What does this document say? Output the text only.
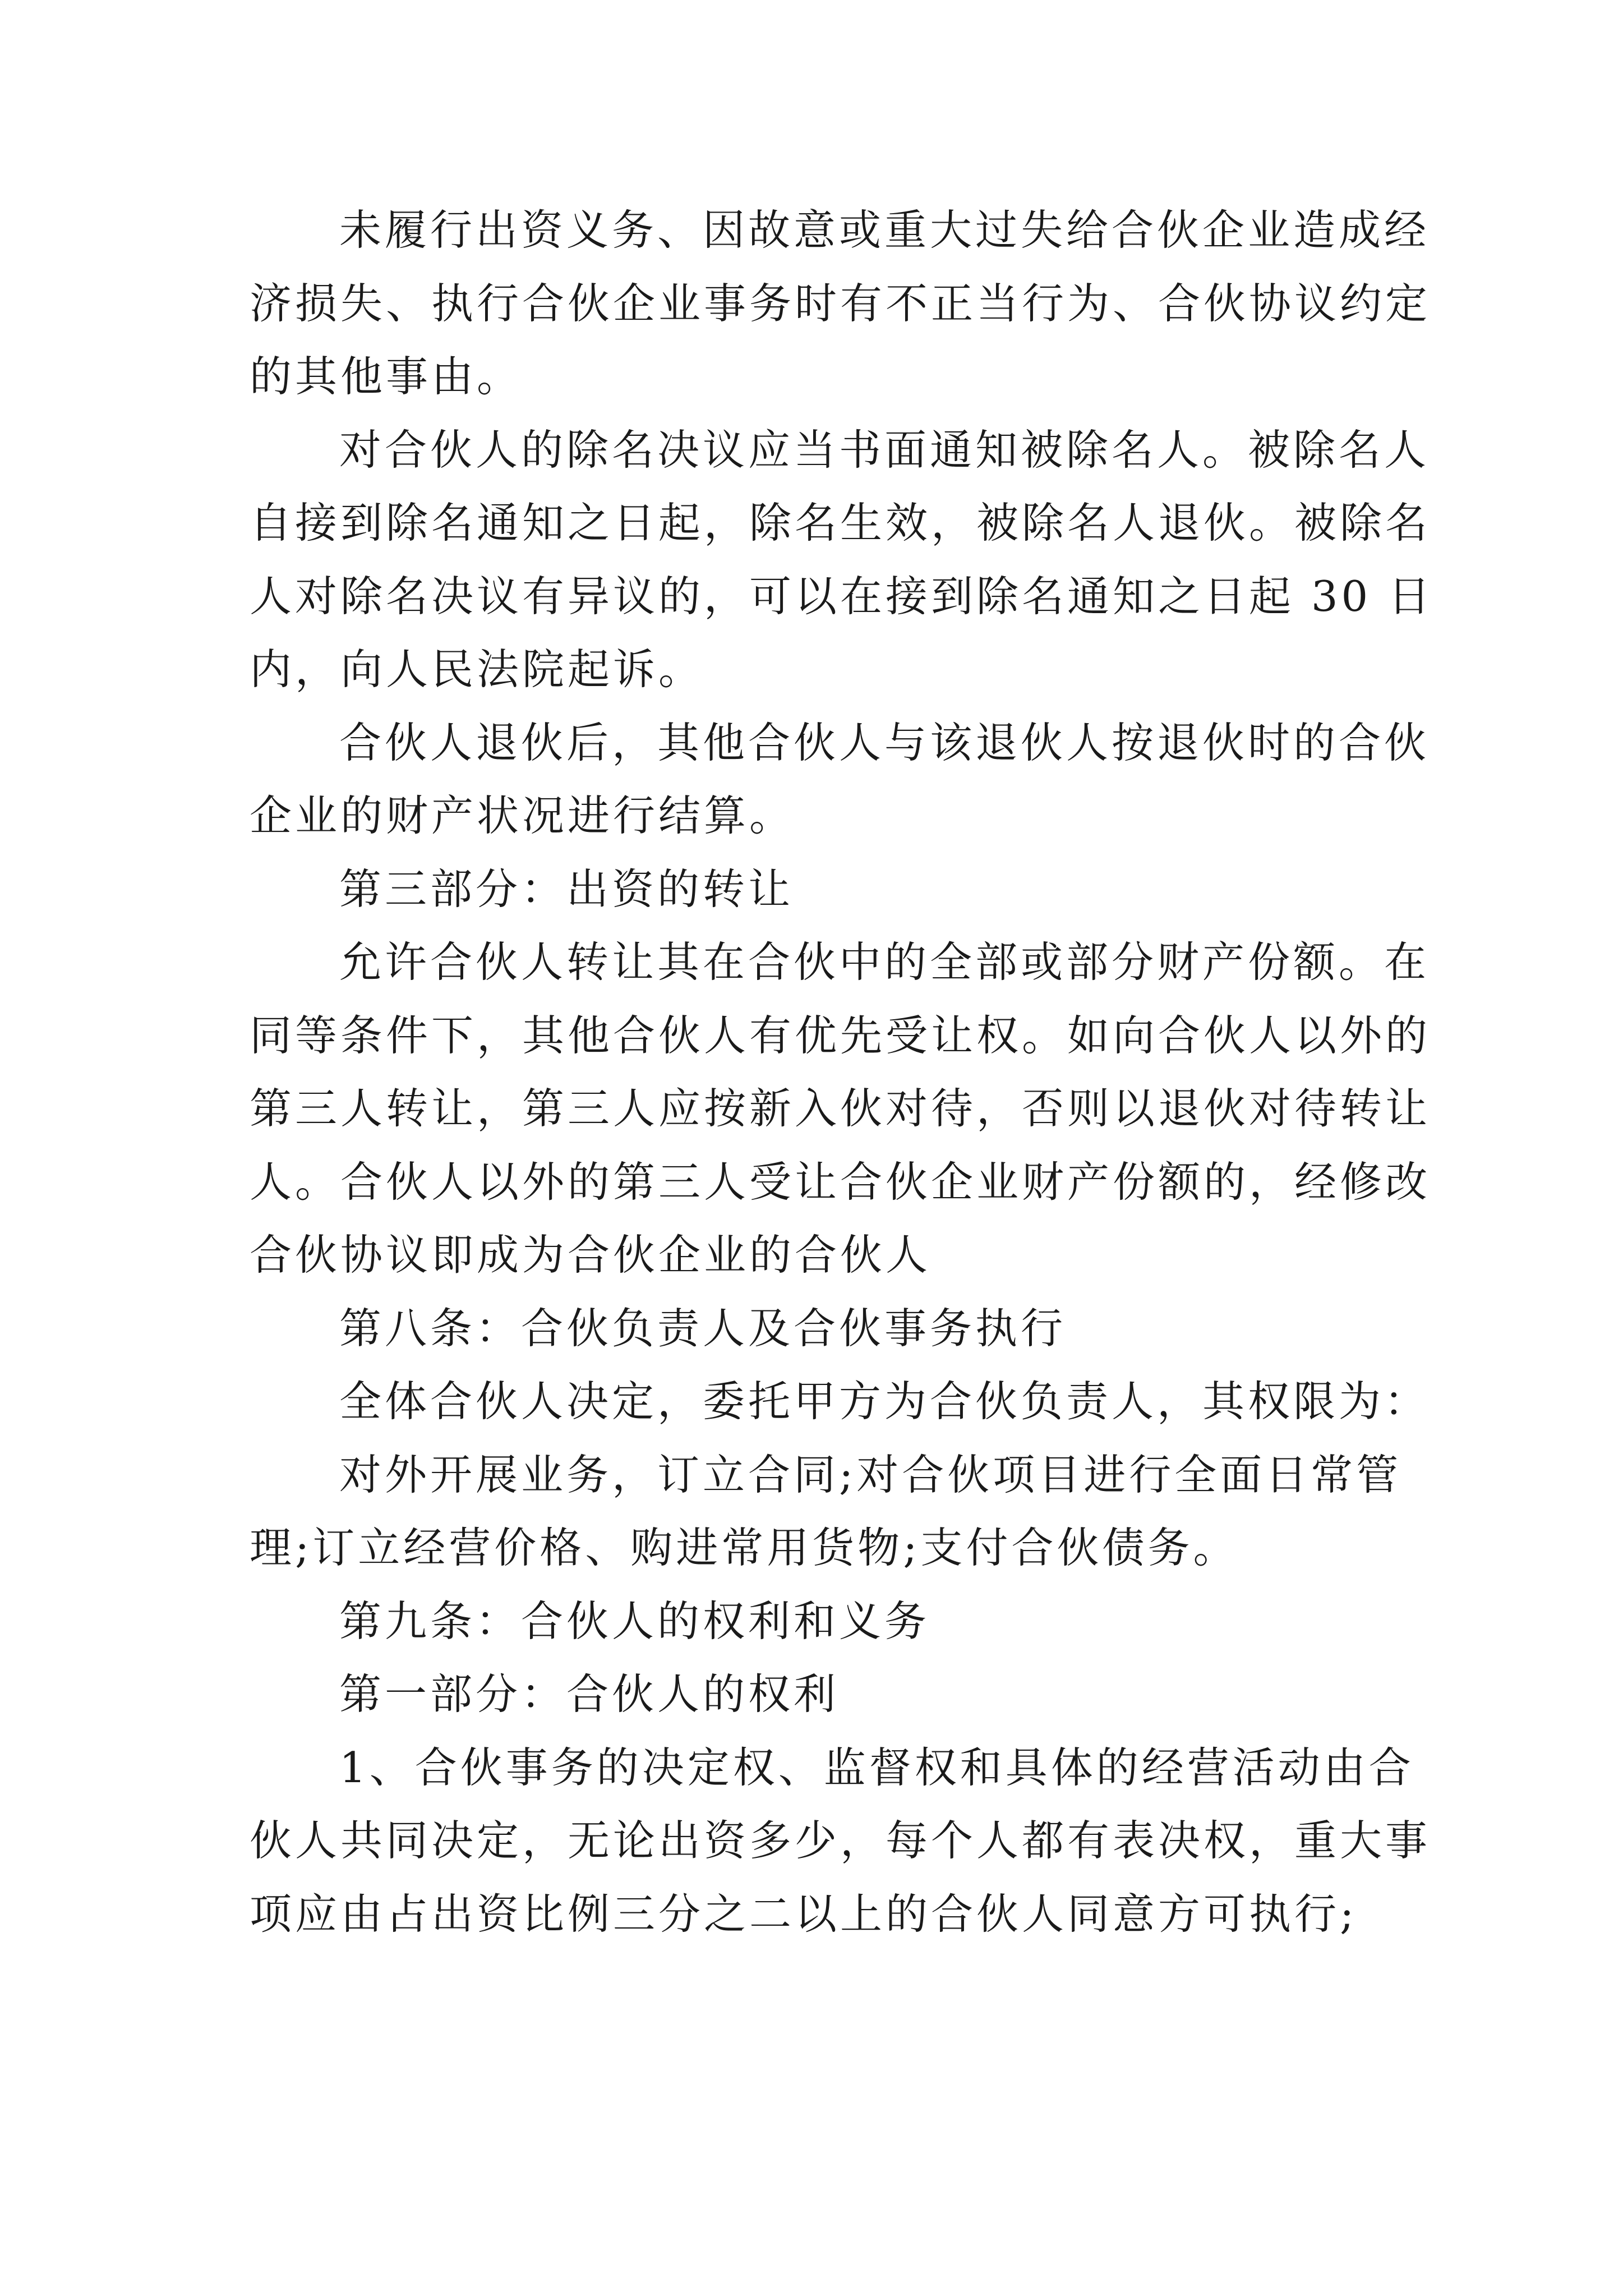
未履行出资义务、因故意或重大过失给合伙企业造成经
济损失、执行合伙企业事务时有不正当行为、合伙协议约定
的其他事由。
对合伙人的除名决议应当书面通知被除名人。被除名人
自接到除名通知之日起，除名生效，被除名人退伙。被除名
人对除名决议有异议的，可以在接到除名通知之日起 30 日
内，向人民法院起诉。
合伙人退伙后，其他合伙人与该退伙人按退伙时的合伙
企业的财产状况进行结算。
第三部分：出资的转让
允许合伙人转让其在合伙中的全部或部分财产份额。在
同等条件下，其他合伙人有优先受让权。如向合伙人以外的
第三人转让，第三人应按新入伙对待，否则以退伙对待转让
人。合伙人以外的第三人受让合伙企业财产份额的，经修改
合伙协议即成为合伙企业的合伙人
第八条：合伙负责人及合伙事务执行
全体合伙人决定，委托甲方为合伙负责人，其权限为：
对外开展业务，订立合同;对合伙项目进行全面日常管
理;订立经营价格、购进常用货物;支付合伙债务。
第九条：合伙人的权利和义务
第一部分：合伙人的权利
1、合伙事务的决定权、监督权和具体的经营活动由合
伙人共同决定，无论出资多少，每个人都有表决权，重大事
项应由占出资比例三分之二以上的合伙人同意方可执行;
